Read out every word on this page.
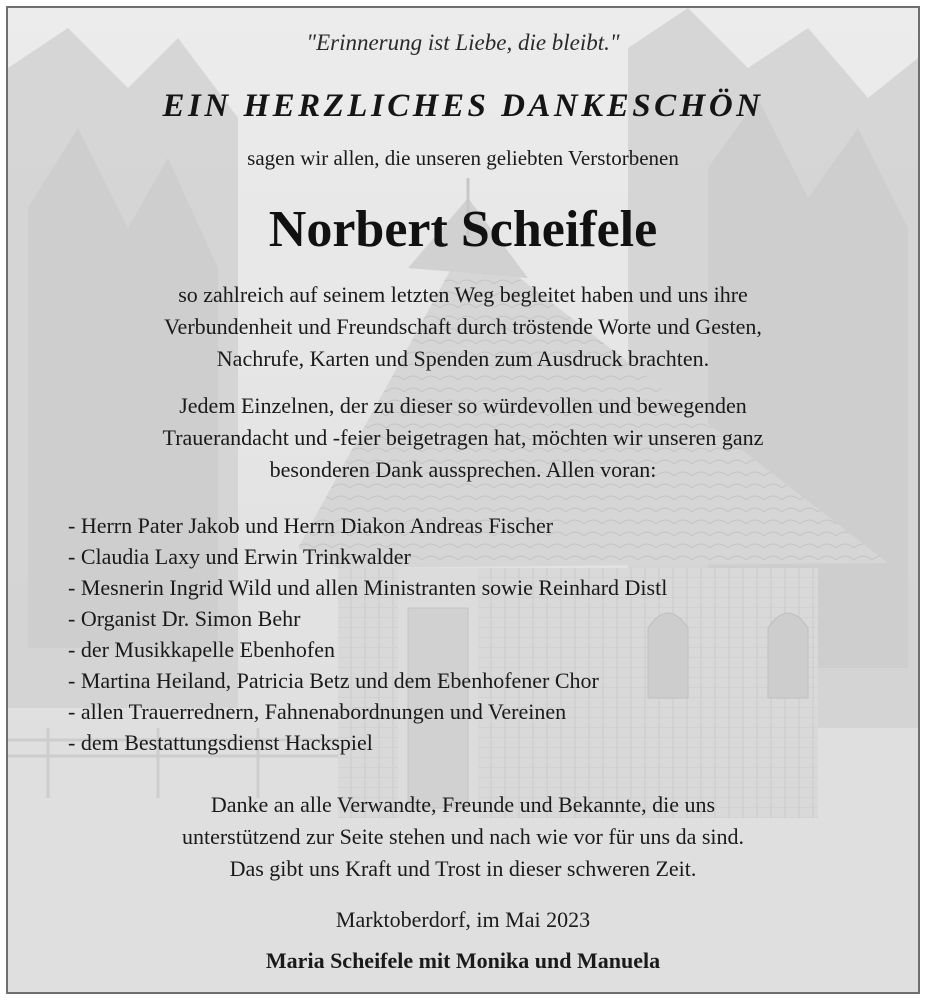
"Erinnerung ist Liebe, die bleibt."
EIN HERZLICHES DANKESCHÖN
sagen wir allen, die unseren geliebten Verstorbenen
Norbert Scheifele
so zahlreich auf seinem letzten Weg begleitet haben und uns ihre
Verbundenheit und Freundschaft durch tröstende Worte und Gesten,
Nachrufe, Karten und Spenden zum Ausdruck brachten.
Jedem Einzelnen, der zu dieser so würdevollen und bewegenden
Trauerandacht und -feier beigetragen hat, möchten wir unseren ganz
besonderen Dank aussprechen. Allen voran:
- Herrn Pater Jakob und Herrn Diakon Andreas Fischer
- Claudia Laxy und Erwin Trinkwalder
- Mesnerin Ingrid Wild und allen Ministranten sowie Reinhard Distl
- Organist Dr. Simon Behr
- der Musikkapelle Ebenhofen
- Martina Heiland, Patricia Betz und dem Ebenhofener Chor
- allen Trauerrednern, Fahnenabordnungen und Vereinen
- dem Bestattungsdienst Hackspiel
Danke an alle Verwandte, Freunde und Bekannte, die uns
unterstützend zur Seite stehen und nach wie vor für uns da sind.
Das gibt uns Kraft und Trost in dieser schweren Zeit.
Marktoberdorf, im Mai 2023
Maria Scheifele mit Monika und Manuela
